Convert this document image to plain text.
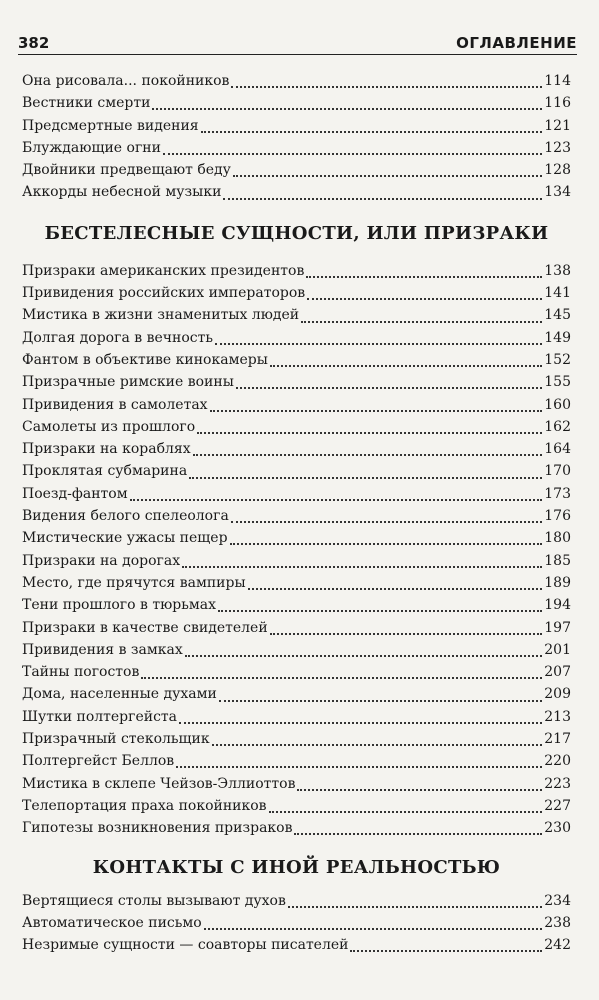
382	ОГЛАВЛЕНИЕ
Она рисовала... покойников	114
Вестники смерти	116
Предсмертные видения	121
Блуждающие огни	123
Двойники предвещают беду	128
Аккорды небесной музыки	134
БЕСТЕЛЕСНЫЕ СУЩНОСТИ, ИЛИ ПРИЗРАКИ
Призраки американских президентов	138
Привидения российских императоров	141
Мистика в жизни знаменитых людей	145
Долгая дорога в вечность	149
Фантом в объективе кинокамеры	152
Призрачные римские воины	155
Привидения в самолетах	160
Самолеты из прошлого	162
Призраки на кораблях	164
Проклятая субмарина	170
Поезд-фантом	173
Видения белого спелеолога	176
Мистические ужасы пещер	180
Призраки на дорогах	185
Место, где прячутся вампиры	189
Тени прошлого в тюрьмах	194
Призраки в качестве свидетелей	197
Привидения в замках	201
Тайны погостов	207
Дома, населенные духами	209
Шутки полтергейста	213
Призрачный стекольщик	217
Полтергейст Беллов	220
Мистика в склепе Чейзов-Эллиоттов	223
Телепортация праха покойников	227
Гипотезы возникновения призраков	230
КОНТАКТЫ С ИНОЙ РЕАЛЬНОСТЬЮ
Вертящиеся столы вызывают духов	234
Автоматическое письмо	238
Незримые сущности — соавторы писателей	242
